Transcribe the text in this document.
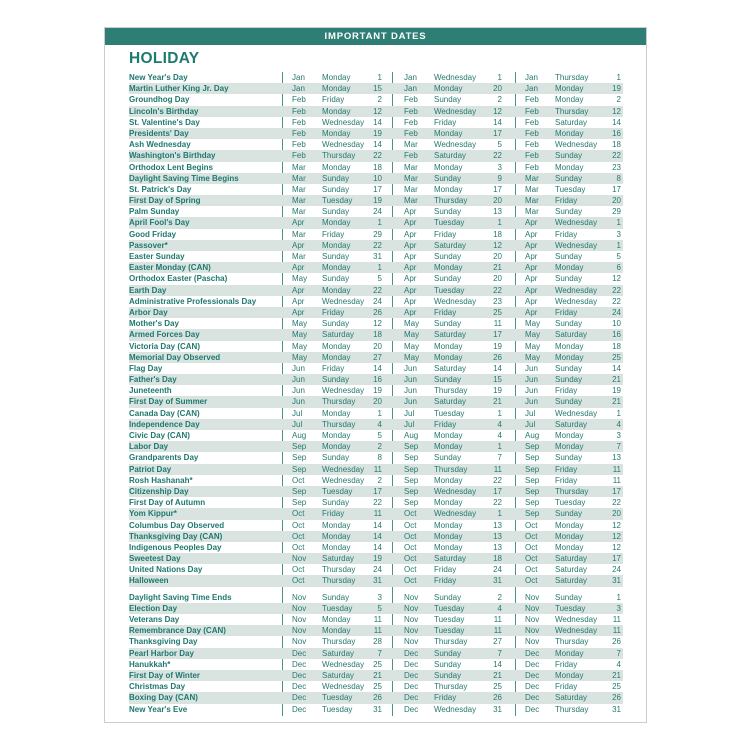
IMPORTANT DATES
HOLIDAY
New Year's Day	Jan	Monday	1	Jan	Wednesday	1	Jan	Thursday	1
Martin Luther King Jr. Day	Jan	Monday	15	Jan	Monday	20	Jan	Monday	19
Groundhog Day	Feb	Friday	2	Feb	Sunday	2	Feb	Monday	2
Lincoln's Birthday	Feb	Monday	12	Feb	Wednesday	12	Feb	Thursday	12
St. Valentine's Day	Feb	Wednesday	14	Feb	Friday	14	Feb	Saturday	14
Presidents' Day	Feb	Monday	19	Feb	Monday	17	Feb	Monday	16
Ash Wednesday	Feb	Wednesday	14	Mar	Wednesday	5	Feb	Wednesday	18
Washington's Birthday	Feb	Thursday	22	Feb	Saturday	22	Feb	Sunday	22
Orthodox Lent Begins	Mar	Monday	18	Mar	Monday	3	Feb	Monday	23
Daylight Saving Time Begins	Mar	Sunday	10	Mar	Sunday	9	Mar	Sunday	8
St. Patrick's Day	Mar	Sunday	17	Mar	Monday	17	Mar	Tuesday	17
First Day of Spring	Mar	Tuesday	19	Mar	Thursday	20	Mar	Friday	20
Palm Sunday	Mar	Sunday	24	Apr	Sunday	13	Mar	Sunday	29
April Fool's Day	Apr	Monday	1	Apr	Tuesday	1	Apr	Wednesday	1
Good Friday	Mar	Friday	29	Apr	Friday	18	Apr	Friday	3
Passover*	Apr	Monday	22	Apr	Saturday	12	Apr	Wednesday	1
Easter Sunday	Mar	Sunday	31	Apr	Sunday	20	Apr	Sunday	5
Easter Monday (CAN)	Apr	Monday	1	Apr	Monday	21	Apr	Monday	6
Orthodox Easter (Pascha)	May	Sunday	5	Apr	Sunday	20	Apr	Sunday	12
Earth Day	Apr	Monday	22	Apr	Tuesday	22	Apr	Wednesday	22
Administrative Professionals Day	Apr	Wednesday	24	Apr	Wednesday	23	Apr	Wednesday	22
Arbor Day	Apr	Friday	26	Apr	Friday	25	Apr	Friday	24
Mother's Day	May	Sunday	12	May	Sunday	11	May	Sunday	10
Armed Forces Day	May	Saturday	18	May	Saturday	17	May	Saturday	16
Victoria Day (CAN)	May	Monday	20	May	Monday	19	May	Monday	18
Memorial Day Observed	May	Monday	27	May	Monday	26	May	Monday	25
Flag Day	Jun	Friday	14	Jun	Saturday	14	Jun	Sunday	14
Father's Day	Jun	Sunday	16	Jun	Sunday	15	Jun	Sunday	21
Juneteenth	Jun	Wednesday	19	Jun	Thursday	19	Jun	Friday	19
First Day of Summer	Jun	Thursday	20	Jun	Saturday	21	Jun	Sunday	21
Canada Day (CAN)	Jul	Monday	1	Jul	Tuesday	1	Jul	Wednesday	1
Independence Day	Jul	Thursday	4	Jul	Friday	4	Jul	Saturday	4
Civic Day (CAN)	Aug	Monday	5	Aug	Monday	4	Aug	Monday	3
Labor Day	Sep	Monday	2	Sep	Monday	1	Sep	Monday	7
Grandparents Day	Sep	Sunday	8	Sep	Sunday	7	Sep	Sunday	13
Patriot Day	Sep	Wednesday	11	Sep	Thursday	11	Sep	Friday	11
Rosh Hashanah*	Oct	Wednesday	2	Sep	Monday	22	Sep	Friday	11
Citizenship Day	Sep	Tuesday	17	Sep	Wednesday	17	Sep	Thursday	17
First Day of Autumn	Sep	Sunday	22	Sep	Monday	22	Sep	Tuesday	22
Yom Kippur*	Oct	Friday	11	Oct	Wednesday	1	Sep	Sunday	20
Columbus Day Observed	Oct	Monday	14	Oct	Monday	13	Oct	Monday	12
Thanksgiving Day (CAN)	Oct	Monday	14	Oct	Monday	13	Oct	Monday	12
Indigenous Peoples Day	Oct	Monday	14	Oct	Monday	13	Oct	Monday	12
Sweetest Day	Nov	Saturday	19	Oct	Saturday	18	Oct	Saturday	17
United Nations Day	Oct	Thursday	24	Oct	Friday	24	Oct	Saturday	24
Halloween	Oct	Thursday	31	Oct	Friday	31	Oct	Saturday	31
Daylight Saving Time Ends	Nov	Sunday	3	Nov	Sunday	2	Nov	Sunday	1
Election Day	Nov	Tuesday	5	Nov	Tuesday	4	Nov	Tuesday	3
Veterans Day	Nov	Monday	11	Nov	Tuesday	11	Nov	Wednesday	11
Remembrance Day (CAN)	Nov	Monday	11	Nov	Tuesday	11	Nov	Wednesday	11
Thanksgiving Day	Nov	Thursday	28	Nov	Thursday	27	Nov	Thursday	26
Pearl Harbor Day	Dec	Saturday	7	Dec	Sunday	7	Dec	Monday	7
Hanukkah*	Dec	Wednesday	25	Dec	Sunday	14	Dec	Friday	4
First Day of Winter	Dec	Saturday	21	Dec	Sunday	21	Dec	Monday	21
Christmas Day	Dec	Wednesday	25	Dec	Thursday	25	Dec	Friday	25
Boxing Day (CAN)	Dec	Tuesday	26	Dec	Friday	26	Dec	Saturday	26
New Year's Eve	Dec	Tuesday	31	Dec	Wednesday	31	Dec	Thursday	31
